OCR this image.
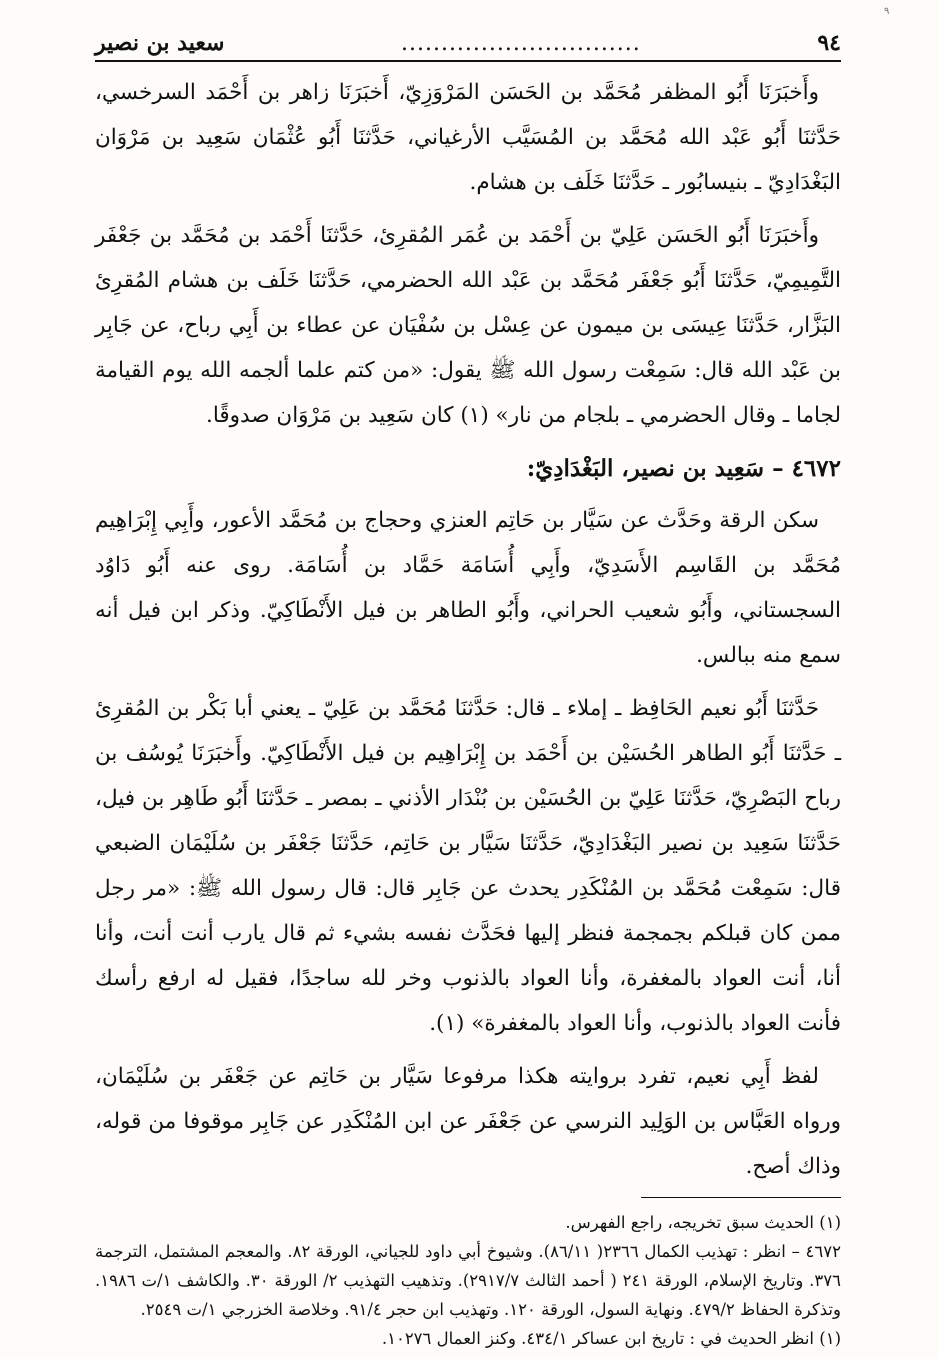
٩
٩٤
..............................
سعيد بن نصير

وأَخبَرَنَا أَبُو المظفر مُحَمَّد بن الحَسَن المَرْوَزِيّ، أَخبَرَنَا زاهر بن أَحْمَد السرخسي، حَدَّثنَا أَبُو عَبْد الله مُحَمَّد بن المُسَيَّب الأرغياني، حَدَّثنَا أَبُو عُثْمَان سَعِيد بن مَرْوَان البَغْدَادِيّ ـ بنيسابُور ـ حَدَّثنَا خَلَف بن هشام.

وأَخبَرَنَا أَبُو الحَسَن عَلِيّ بن أَحْمَد بن عُمَر المُقرِئ، حَدَّثنَا أَحْمَد بن مُحَمَّد بن جَعْفَر التَّمِيمِيّ، حَدَّثنَا أَبُو جَعْفَر مُحَمَّد بن عَبْد الله الحضرمي، حَدَّثنَا خَلَف بن هشام المُقرِئ البَزَّار، حَدَّثنَا عِيسَى بن ميمون عن عِسْل بن سُفْيَان عن عطاء بن أَبِي رباح، عن جَابِر بن عَبْد الله قال: سَمِعْت رسول الله ﷺ يقول: «من كتم علما ألجمه الله يوم القيامة لجاما ـ وقال الحضرمي ـ بلجام من نار» (١) كان سَعِيد بن مَرْوَان صدوقًا.

٤٦٧٢ – سَعِيد بن نصير، البَغْدَادِيّ:

سكن الرقة وحَدَّث عن سَيَّار بن حَاتِم العنزي وحجاج بن مُحَمَّد الأعور، وأَبِي إِبْرَاهِيم مُحَمَّد بن القَاسِم الأَسَدِيّ، وأَبِي أُسَامَة حَمَّاد بن أُسَامَة. روى عنه أَبُو دَاوُد السجستاني، وأَبُو شعيب الحراني، وأَبُو الطاهر بن فيل الأَنْطَاكِيّ. وذكر ابن فيل أنه سمع منه ببالس.

حَدَّثنَا أَبُو نعيم الحَافِظ ـ إملاء ـ قال: حَدَّثنَا مُحَمَّد بن عَلِيّ ـ يعني أبا بَكْر بن المُقرِئ ـ حَدَّثنَا أَبُو الطاهر الحُسَيْن بن أَحْمَد بن إِبْرَاهِيم بن فيل الأَنْطَاكِيّ. وأَخبَرَنَا يُوسُف بن رباح البَصْرِيّ، حَدَّثنَا عَلِيّ بن الحُسَيْن بن بُنْدَار الأذني ـ بمصر ـ حَدَّثنَا أَبُو طَاهِر بن فيل، حَدَّثنَا سَعِيد بن نصير البَغْدَادِيّ، حَدَّثنَا سَيَّار بن حَاتِم، حَدَّثنَا جَعْفَر بن سُلَيْمَان الضبعي قال: سَمِعْت مُحَمَّد بن المُنْكَدِر يحدث عن جَابِر قال: قال رسول الله ﷺ: «مر رجل ممن كان قبلكم بجمجمة فنظر إليها فحَدَّث نفسه بشيء ثم قال يارب أنت أنت، وأنا أنا، أنت العواد بالمغفرة، وأنا العواد بالذنوب وخر لله ساجدًا، فقيل له ارفع رأسك فأنت العواد بالذنوب، وأنا العواد بالمغفرة» (١).

لفظ أَبِي نعيم، تفرد بروايته هكذا مرفوعا سَيَّار بن حَاتِم عن جَعْفَر بن سُلَيْمَان، ورواه العَبَّاس بن الوَلِيد النرسي عن جَعْفَر عن ابن المُنْكَدِر عن جَابِر موقوفا من قوله، وذاك أصح.

(١) الحديث سبق تخريجه، راجع الفهرس.

٤٦٧٢ – انظر : تهذيب الكمال ٢٣٦٦( ٨٦/١١). وشيوخ أبي داود للجياني، الورقة ٨٢. والمعجم المشتمل، الترجمة ٣٧٦. وتاريخ الإسلام، الورقة ٢٤١ ( أحمد الثالث ٢٩١٧/٧). وتذهيب التهذيب ٢/ الورقة ٣٠. والكاشف ١/ت ١٩٨٦. وتذكرة الحفاظ ٤٧٩/٢. ونهاية السول، الورقة ١٢٠. وتهذيب ابن حجر ٩١/٤. وخلاصة الخزرجي ١/ت ٢٥٤٩.

(١) انظر الحديث في : تاريخ ابن عساكر ٤٣٤/١. وكنز العمال ١٠٢٧٦.
